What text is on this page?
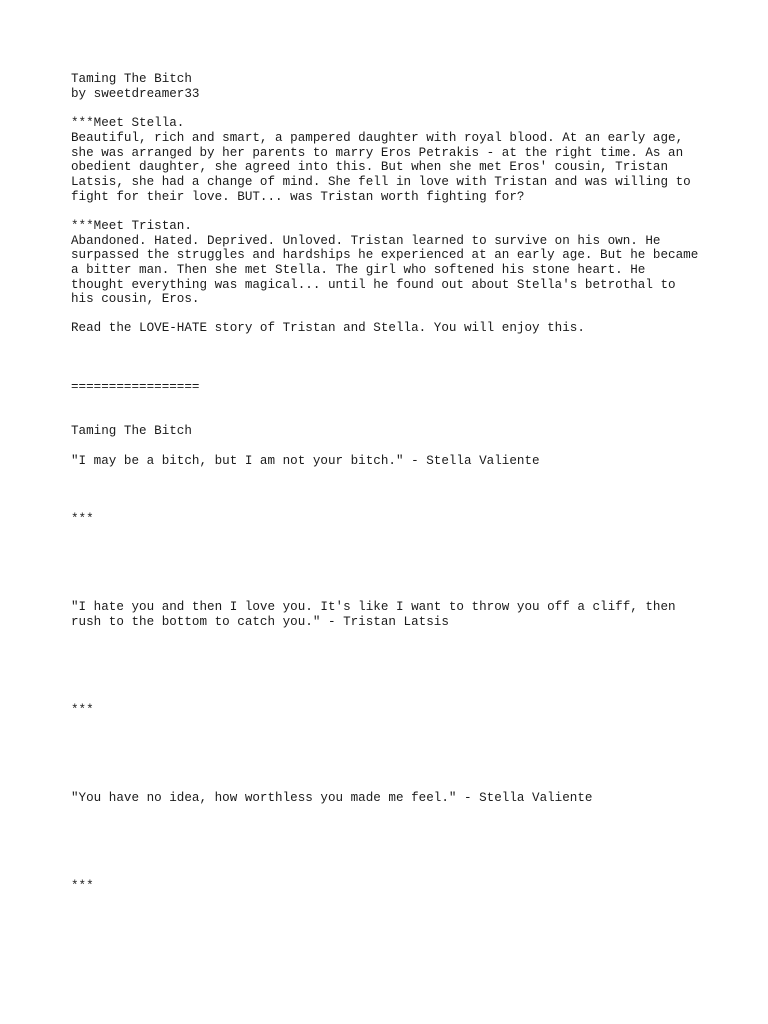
Taming The Bitch

by sweetdreamer33

***Meet Stella.

Beautiful, rich and smart, a pampered daughter with royal blood. At an early age,

she was arranged by her parents to marry Eros Petrakis - at the right time. As an

obedient daughter, she agreed into this. But when she met Eros' cousin, Tristan

Latsis, she had a change of mind. She fell in love with Tristan and was willing to

fight for their love. BUT... was Tristan worth fighting for?

***Meet Tristan.

Abandoned. Hated. Deprived. Unloved. Tristan learned to survive on his own. He

surpassed the struggles and hardships he experienced at an early age. But he became

a bitter man. Then she met Stella. The girl who softened his stone heart. He

thought everything was magical... until he found out about Stella's betrothal to

his cousin, Eros.

Read the LOVE-HATE story of Tristan and Stella. You will enjoy this.

=================

Taming The Bitch

"I may be a bitch, but I am not your bitch." - Stella Valiente

***

"I hate you and then I love you. It's like I want to throw you off a cliff, then

rush to the bottom to catch you." - Tristan Latsis

***

"You have no idea, how worthless you made me feel." - Stella Valiente

***
